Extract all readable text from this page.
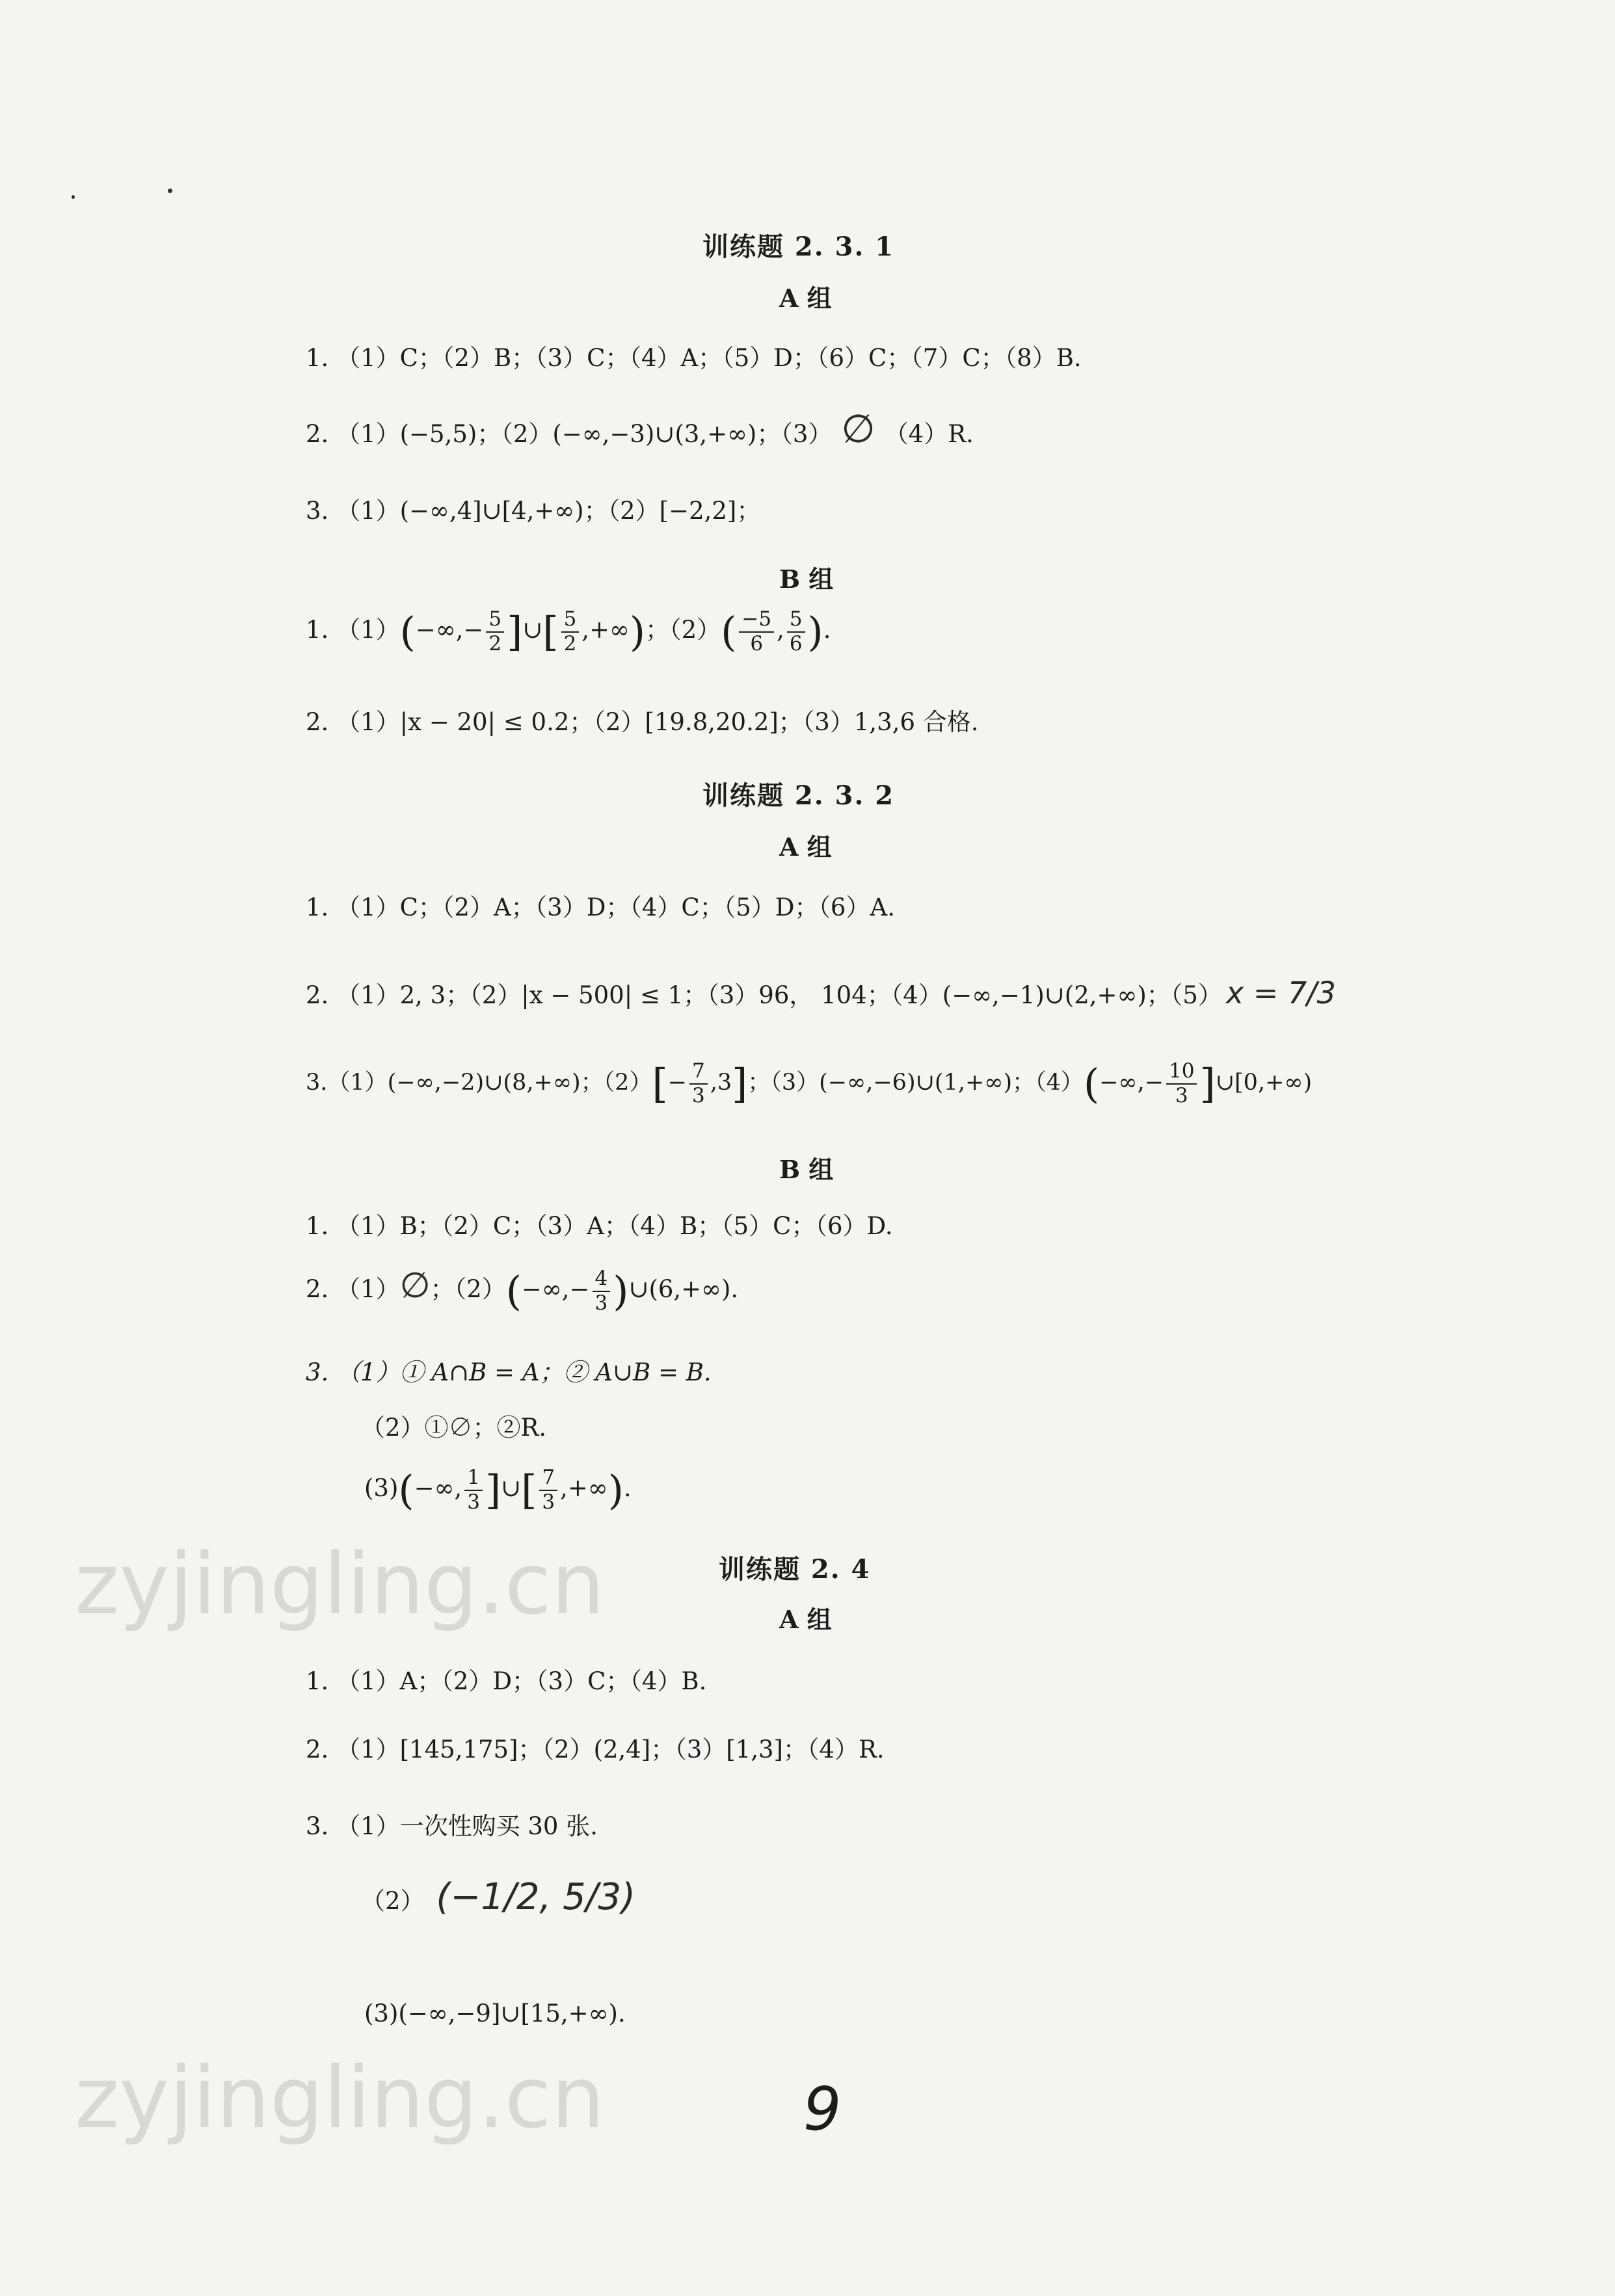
训练题 2. 3. 1
A 组
1. （1）C；（2）B；（3）C；（4）A；（5）D；（6）C；（7）C；（8）B.
2. （1）(−5,5)；（2）(−∞,−3)∪(3,+∞)；（3） ∅ （4）R.
3. （1）(−∞,4]∪[4,+∞)；（2）[−2,2]；
B 组
1. $(1)(-\infty,- \frac{5}{2}$ ]∪[ $\frac{5}{2}$ ,+∞)；$(2)( \frac{-5}{6}$ , $\frac{5}{6}$ ).
2. （1）|x − 20| ≤ 0.2；（2）[19.8,20.2]；（3）1,3,6 合格.
训练题 2. 3. 2
A 组
1. （1）C；（2）A；（3）D；（4）C；（5）D；（6）A.
2. （1）2, 3；（2）|x − 500| ≤ 1；（3）96， 104；（4）(−∞,−1)∪(2,+∞)；（5） x = 7/3
3.（1）(−∞,−2)∪(8,+∞)；$(2)[- \frac{7}{3} ,3]$；（3）(−∞,−6)∪(1,+∞)；$(4)(-\infty,- \frac{10}{3}$ ]∪[0,+∞)
B 组
1. （1）B；（2）C；（3）A；（4）B；（5）C；（6）D.
2. （1）∅；$(2)(-\infty,- \frac{4}{3}$ )∪(6,+∞).
3. （1）① A∩B = A；② A∪B = B.
（2）①∅；②R.
(3)(−∞, $\frac{1}{3}$ ]∪[ $\frac{7}{3}$ ,+∞).
训练题 2. 4
A 组
1. （1）A；（2）D；（3）C；（4）B.
2. （1）[145,175]；（2）(2,4]；（3）[1,3]；（4）R.
3. （1）一次性购买 30 张.
（2） (−1/2, 5/3)
(3)(−∞,−9]∪[15,+∞).
zyjingling.cn
zyjingling.cn	9
